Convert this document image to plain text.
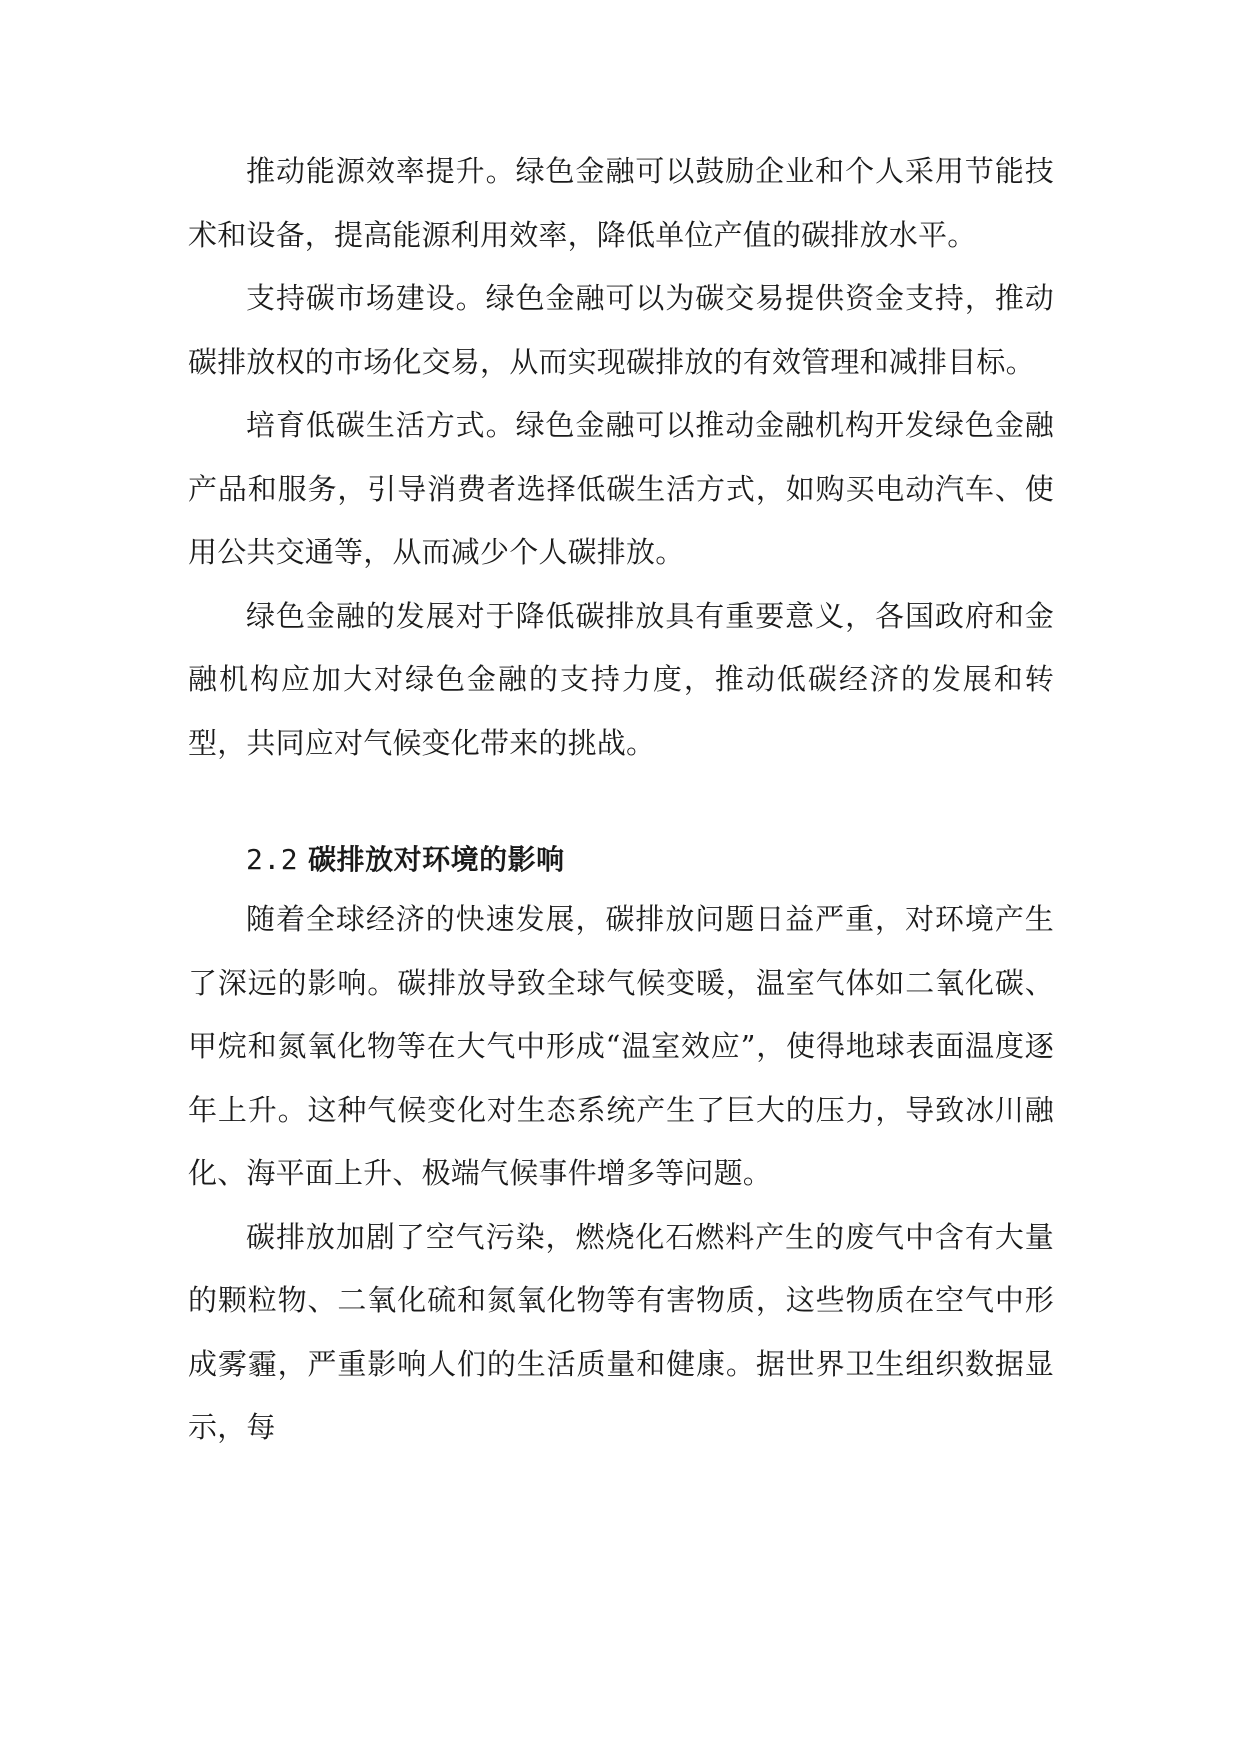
推动能源效率提升。绿色金融可以鼓励企业和个人采用节能技术和设备，提高能源利用效率，降低单位产值的碳排放水平。

支持碳市场建设。绿色金融可以为碳交易提供资金支持，推动碳排放权的市场化交易，从而实现碳排放的有效管理和减排目标。

培育低碳生活方式。绿色金融可以推动金融机构开发绿色金融产品和服务，引导消费者选择低碳生活方式，如购买电动汽车、使用公共交通等，从而减少个人碳排放。

绿色金融的发展对于降低碳排放具有重要意义，各国政府和金融机构应加大对绿色金融的支持力度，推动低碳经济的发展和转型，共同应对气候变化带来的挑战。

2.2 碳排放对环境的影响

随着全球经济的快速发展，碳排放问题日益严重，对环境产生了深远的影响。碳排放导致全球气候变暖，温室气体如二氧化碳、甲烷和氮氧化物等在大气中形成“温室效应”，使得地球表面温度逐年上升。这种气候变化对生态系统产生了巨大的压力，导致冰川融化、海平面上升、极端气候事件增多等问题。

碳排放加剧了空气污染，燃烧化石燃料产生的废气中含有大量的颗粒物、二氧化硫和氮氧化物等有害物质，这些物质在空气中形成雾霾，严重影响人们的生活质量和健康。据世界卫生组织数据显示，每
